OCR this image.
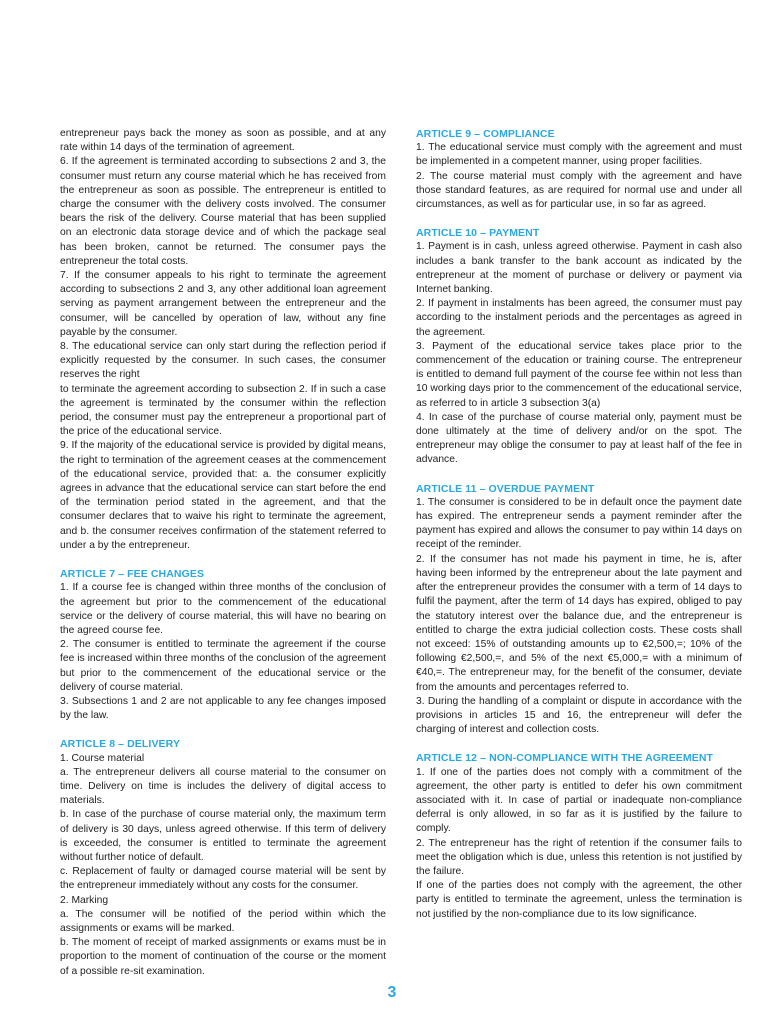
entrepreneur pays back the money as soon as possible, and at any rate within 14 days of the termination of agreement.

6. If the agreement is terminated according to subsections 2 and 3, the consumer must return any course material which he has received from the entrepreneur as soon as possible. The entrepreneur is entitled to charge the consumer with the delivery costs involved. The consumer bears the risk of the delivery. Course material that has been supplied on an electronic data storage device and of which the package seal has been broken, cannot be returned. The consumer pays the entrepreneur the total costs.

7. If the consumer appeals to his right to terminate the agreement according to subsections 2 and 3, any other additional loan agreement serving as payment arrangement between the entrepreneur and the consumer, will be cancelled by operation of law, without any fine payable by the consumer.

8. The educational service can only start during the reflection period if explicitly requested by the consumer. In such cases, the consumer reserves the right

to terminate the agreement according to subsection 2. If in such a case the agreement is terminated by the consumer within the reflection period, the consumer must pay the entrepreneur a proportional part of the price of the educational service.

9. If the majority of the educational service is provided by digital means, the right to termination of the agreement ceases at the commencement of the educational service, provided that: a. the consumer explicitly agrees in advance that the educational service can start before the end of the termination period stated in the agreement, and that the consumer declares that to waive his right to terminate the agreement, and b. the consumer receives confirmation of the statement referred to under a by the entrepreneur.

ARTICLE 7 – FEE CHANGES

1. If a course fee is changed within three months of the conclusion of the agreement but prior to the commencement of the educational service or the delivery of course material, this will have no bearing on the agreed course fee.

2. The consumer is entitled to terminate the agreement if the course fee is increased within three months of the conclusion of the agreement but prior to the commencement of the educational service or the delivery of course material.

3. Subsections 1 and 2 are not applicable to any fee changes imposed by the law.

ARTICLE 8 – DELIVERY

1. Course material

a. The entrepreneur delivers all course material to the consumer on time. Delivery on time is includes the delivery of digital access to materials.

b. In case of the purchase of course material only, the maximum term of delivery is 30 days, unless agreed otherwise. If this term of delivery is exceeded, the consumer is entitled to terminate the agreement without further notice of default.

c. Replacement of faulty or damaged course material will be sent by the entrepreneur immediately without any costs for the consumer.

2. Marking

a. The consumer will be notified of the period within which the assignments or exams will be marked.

b. The moment of receipt of marked assignments or exams must be in proportion to the moment of continuation of the course or the moment of a possible re-sit examination.

ARTICLE 9 – COMPLIANCE

1. The educational service must comply with the agreement and must be implemented in a competent manner, using proper facilities.

2. The course material must comply with the agreement and have those standard features, as are required for normal use and under all circumstances, as well as for particular use, in so far as agreed.

ARTICLE 10 – PAYMENT

1. Payment is in cash, unless agreed otherwise. Payment in cash also includes a bank transfer to the bank account as indicated by the entrepreneur at the moment of purchase or delivery or payment via Internet banking.

2. If payment in instalments has been agreed, the consumer must pay according to the instalment periods and the percentages as agreed in the agreement.

3. Payment of the educational service takes place prior to the commencement of the education or training course. The entrepreneur is entitled to demand full payment of the course fee within not less than 10 working days prior to the commencement of the educational service, as referred to in article 3 subsection 3(a)

4. In case of the purchase of course material only, payment must be done ultimately at the time of delivery and/or on the spot. The entrepreneur may oblige the consumer to pay at least half of the fee in advance.

ARTICLE 11 – OVERDUE PAYMENT

1. The consumer is considered to be in default once the payment date has expired. The entrepreneur sends a payment reminder after the payment has expired and allows the consumer to pay within 14 days on receipt of the reminder.

2. If the consumer has not made his payment in time, he is, after having been informed by the entrepreneur about the late payment and after the entrepreneur provides the consumer with a term of 14 days to fulfil the payment, after the term of 14 days has expired, obliged to pay the statutory interest over the balance due, and the entrepreneur is entitled to charge the extra judicial collection costs. These costs shall not exceed: 15% of outstanding amounts up to €2,500,=; 10% of the following €2,500,=, and 5% of the next €5,000,= with a minimum of €40,=. The entrepreneur may, for the benefit of the consumer, deviate from the amounts and percentages referred to.

3. During the handling of a complaint or dispute in accordance with the provisions in articles 15 and 16, the entrepreneur will defer the charging of interest and collection costs.

ARTICLE 12 – NON-COMPLIANCE WITH THE AGREEMENT

1. If one of the parties does not comply with a commitment of the agreement, the other party is entitled to defer his own commitment associated with it. In case of partial or inadequate non-compliance deferral is only allowed, in so far as it is justified by the failure to comply.

2. The entrepreneur has the right of retention if the consumer fails to meet the obligation which is due, unless this retention is not justified by the failure.

If one of the parties does not comply with the agreement, the other party is entitled to terminate the agreement, unless the termination is not justified by the non-compliance due to its low significance.

3
